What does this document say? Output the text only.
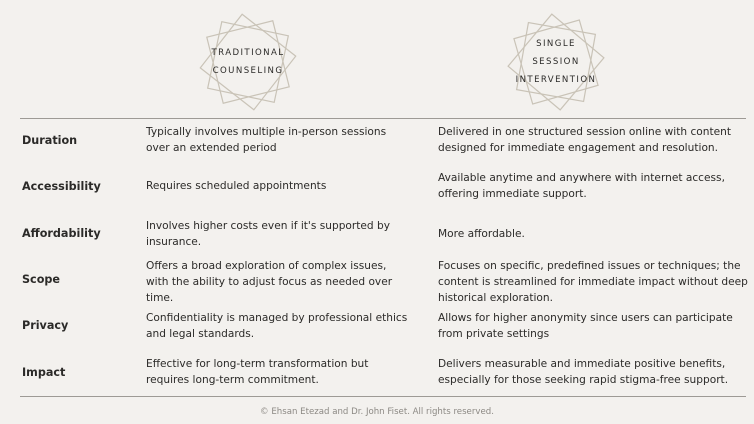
TRADITIONAL
COUNSELING
SINGLE
SESSION
INTERVENTION
Duration
Typically involves multiple in-person sessions over an extended period
Delivered in one structured session online with content designed for immediate engagement and resolution.
Accessibility	Requires scheduled appointments
Available anytime and anywhere with internet access, offering immediate support.
Affordability
Involves higher costs even if it's supported by insurance.
More affordable.
Scope
Offers a broad exploration of complex issues, with the ability to adjust focus as needed over time.
Focuses on specific, predefined issues or techniques; the content is streamlined for immediate impact without deep historical exploration.
Privacy
Confidentiality is managed by professional ethics and legal standards.
Allows for higher anonymity since users can participate from private settings
Impact
Effective for long-term transformation but requires long-term commitment.
Delivers measurable and immediate positive benefits, especially for those seeking rapid stigma-free support.
© Ehsan Etezad and Dr. John Fiset. All rights reserved.
